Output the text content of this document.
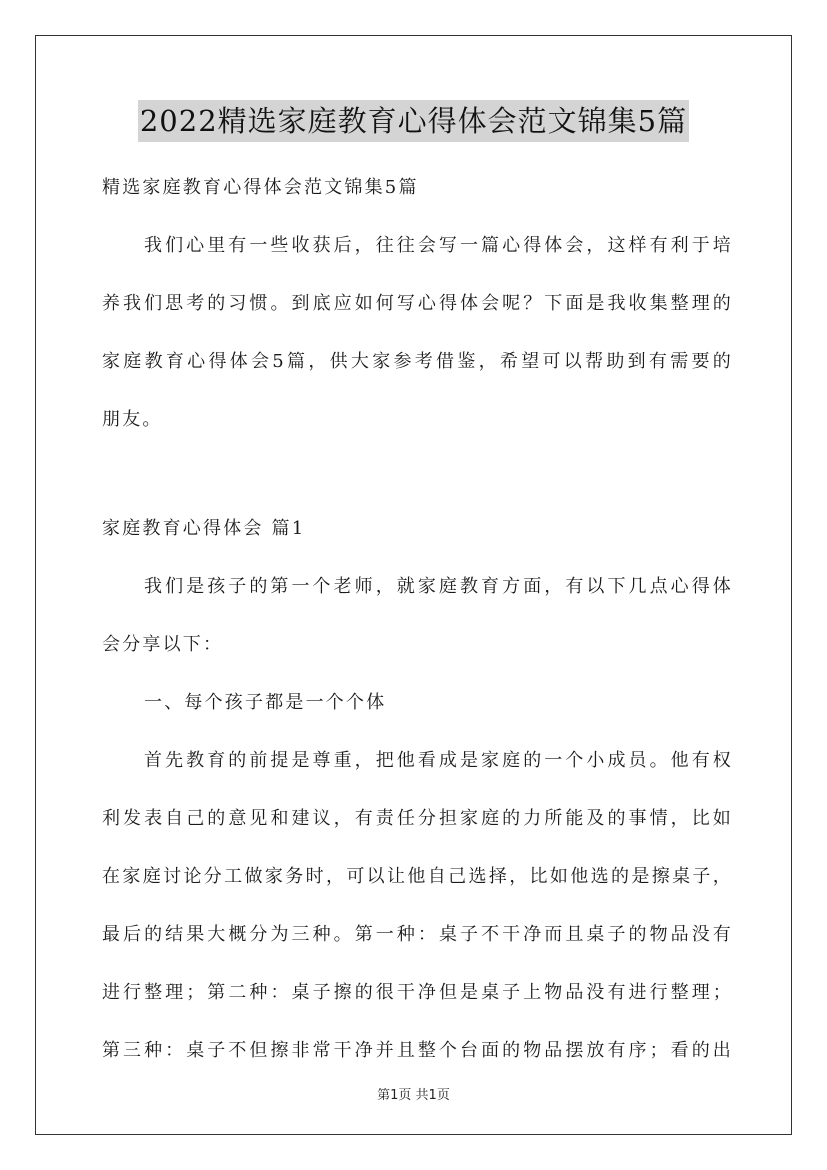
2022精选家庭教育心得体会范文锦集5篇
精选家庭教育心得体会范文锦集5篇
我们心里有一些收获后，往往会写一篇心得体会，这样有利于培
养我们思考的习惯。到底应如何写心得体会呢？下面是我收集整理的
家庭教育心得体会5篇，供大家参考借鉴，希望可以帮助到有需要的
朋友。
家庭教育心得体会 篇1
我们是孩子的第一个老师，就家庭教育方面，有以下几点心得体
会分享以下：
一、每个孩子都是一个个体
首先教育的前提是尊重，把他看成是家庭的一个小成员。他有权
利发表自己的意见和建议，有责任分担家庭的力所能及的事情，比如
在家庭讨论分工做家务时，可以让他自己选择，比如他选的是擦桌子，
最后的结果大概分为三种。第一种：桌子不干净而且桌子的物品没有
进行整理；第二种：桌子擦的很干净但是桌子上物品没有进行整理；
第三种：桌子不但擦非常干净并且整个台面的物品摆放有序；看的出
第1页 共1页
